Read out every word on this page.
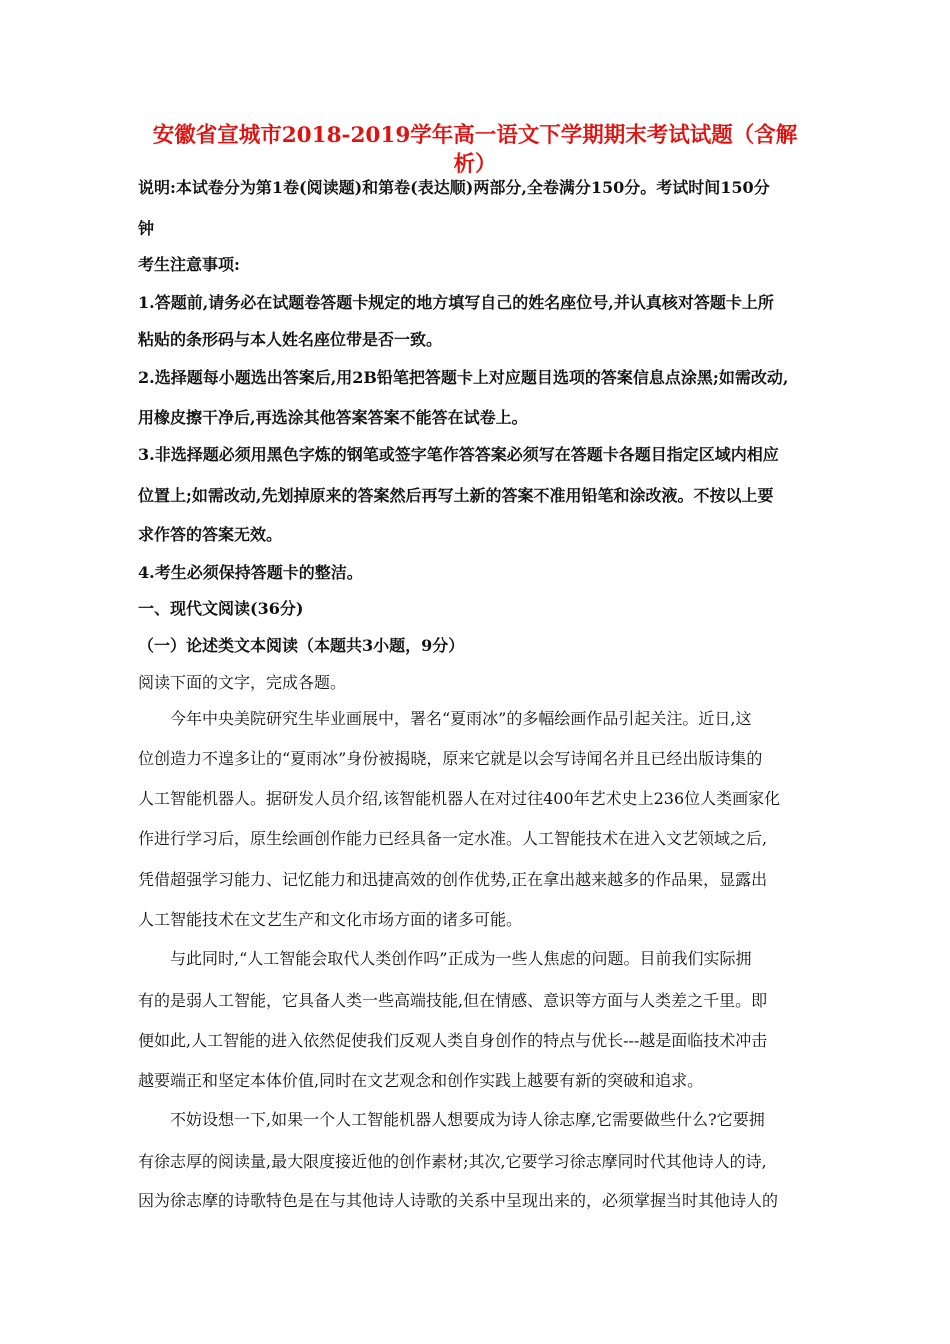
安徽省宣城市2018-2019学年高一语文下学期期末考试试题（含解
析）
说明:本试卷分为第1卷(阅读题)和第卷(表达顺)两部分,全卷满分150分。考试时间150分
钟
考生注意事项:
1.答题前,请务必在试题卷答题卡规定的地方填写自己的姓名座位号,并认真核对答题卡上所
粘贴的条形码与本人姓名座位带是否一致。
2.选择题每小题选出答案后,用2B铅笔把答题卡上对应题目选项的答案信息点涂黑;如需改动,
用橡皮擦干净后,再选涂其他答案答案不能答在试卷上。
3.非选择题必须用黑色字炼的钢笔或签字笔作答答案必须写在答题卡各题目指定区域内相应
位置上;如需改动,先划掉原来的答案然后再写土新的答案不准用铅笔和涂改液。不按以上要
求作答的答案无效。
4.考生必须保持答题卡的整洁。
一、现代文阅读(36分)
（一）论述类文本阅读（本题共3小题，9分）
阅读下面的文字，完成各题。
今年中央美院研究生毕业画展中，署名“夏雨冰”的多幅绘画作品引起关注。近日,这
位创造力不遑多让的“夏雨冰”身份被揭晓，原来它就是以会写诗闻名并且已经出版诗集的
人工智能机器人。据研发人员介绍,该智能机器人在对过往400年艺术史上236位人类画家化
作进行学习后，原生绘画创作能力已经具备一定水准。人工智能技术在进入文艺领域之后,
凭借超强学习能力、记忆能力和迅捷高效的创作优势,正在拿出越来越多的作品果，显露出
人工智能技术在文艺生产和文化市场方面的诸多可能。
与此同时,“人工智能会取代人类创作吗”正成为一些人焦虑的问题。目前我们实际拥
有的是弱人工智能，它具备人类一些高端技能,但在情感、意识等方面与人类差之千里。即
便如此,人工智能的进入依然促使我们反观人类自身创作的特点与优长---越是面临技术冲击
越要端正和坚定本体价值,同时在文艺观念和创作实践上越要有新的突破和追求。
不妨设想一下,如果一个人工智能机器人想要成为诗人徐志摩,它需要做些什么?它要拥
有徐志厚的阅读量,最大限度接近他的创作素材;其次,它要学习徐志摩同时代其他诗人的诗,
因为徐志摩的诗歌特色是在与其他诗人诗歌的关系中呈现出来的，必须掌握当时其他诗人的
